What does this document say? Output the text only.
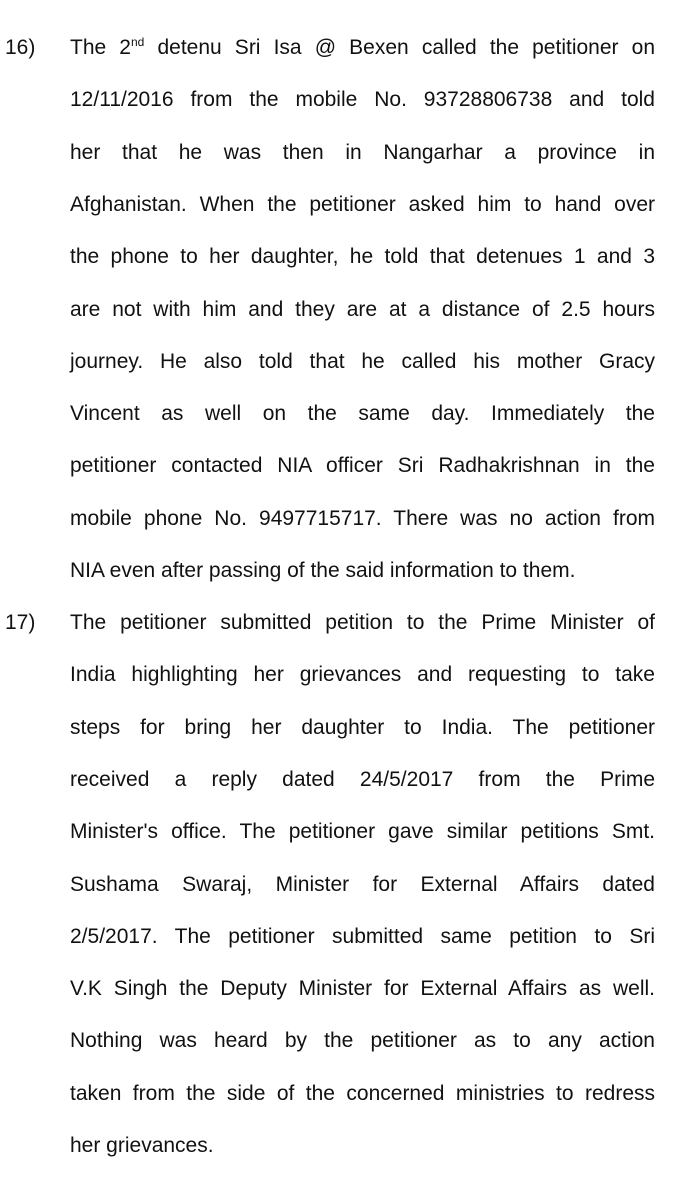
16) The 2nd detenu Sri Isa @ Bexen called the petitioner on
12/11/2016 from the mobile No. 93728806738 and told
her that he was then in Nangarhar a province in
Afghanistan. When the petitioner asked him to hand over
the phone to her daughter, he told that detenues 1 and 3
are not with him and they are at a distance of 2.5 hours
journey. He also told that he called his mother Gracy
Vincent as well on the same day. Immediately the
petitioner contacted NIA officer Sri Radhakrishnan in the
mobile phone No. 9497715717. There was no action from
NIA even after passing of the said information to them.
17) The petitioner submitted petition to the Prime Minister of
India highlighting her grievances and requesting to take
steps for bring her daughter to India. The petitioner
received a reply dated 24/5/2017 from the Prime
Minister's office. The petitioner gave similar petitions Smt.
Sushama Swaraj, Minister for External Affairs dated
2/5/2017. The petitioner submitted same petition to Sri
V.K Singh the Deputy Minister for External Affairs as well.
Nothing was heard by the petitioner as to any action
taken from the side of the concerned ministries to redress
her grievances.
